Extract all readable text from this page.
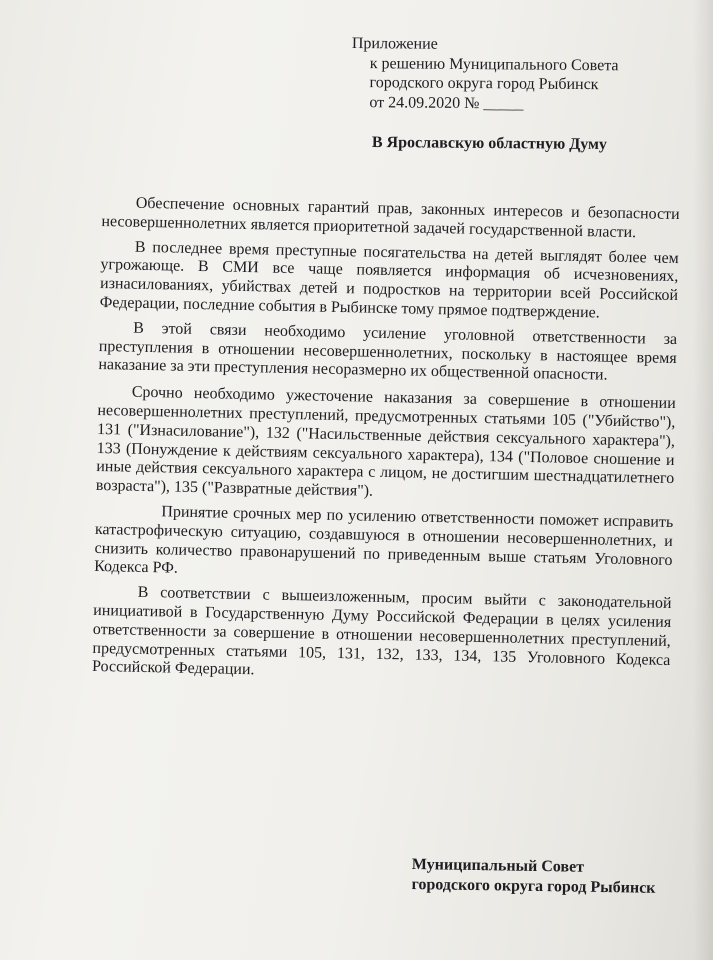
Приложение
к решению Муниципального Совета
городского округа город Рыбинск
от 24.09.2020 № _____
В Ярославскую областную Думу

Обеспечение основных гарантий прав, законных интересов и безопасности несовершеннолетних является приоритетной задачей государственной власти.

В последнее время преступные посягательства на детей выглядят более чем угрожающе. В СМИ все чаще появляется информация об исчезновениях, изнасилованиях, убийствах детей и подростков на территории всей Российской Федерации, последние события в Рыбинске тому прямое подтверждение.

В этой связи необходимо усиление уголовной ответственности за преступления в отношении несовершеннолетних, поскольку в настоящее время наказание за эти преступления несоразмерно их общественной опасности.

Срочно необходимо ужесточение наказания за совершение в отношении несовершеннолетних преступлений, предусмотренных статьями 105 ("Убийство"), 131 ("Изнасилование"), 132 ("Насильственные действия сексуального характера"), 133 (Понуждение к действиям сексуального характера), 134 ("Половое сношение и иные действия сексуального характера с лицом, не достигшим шестнадцатилетнего возраста"), 135 ("Развратные действия").

Принятие срочных мер по усилению ответственности поможет исправить катастрофическую ситуацию, создавшуюся в отношении несовершеннолетних, и снизить количество правонарушений по приведенным выше статьям Уголовного Кодекса РФ.

В соответствии с вышеизложенным, просим выйти с законодательной инициативой в Государственную Думу Российской Федерации в целях усиления ответственности за совершение в отношении несовершеннолетних преступлений, предусмотренных статьями 105, 131, 132, 133, 134, 135 Уголовного Кодекса Российской Федерации.

Муниципальный Совет
городского округа город Рыбинск
